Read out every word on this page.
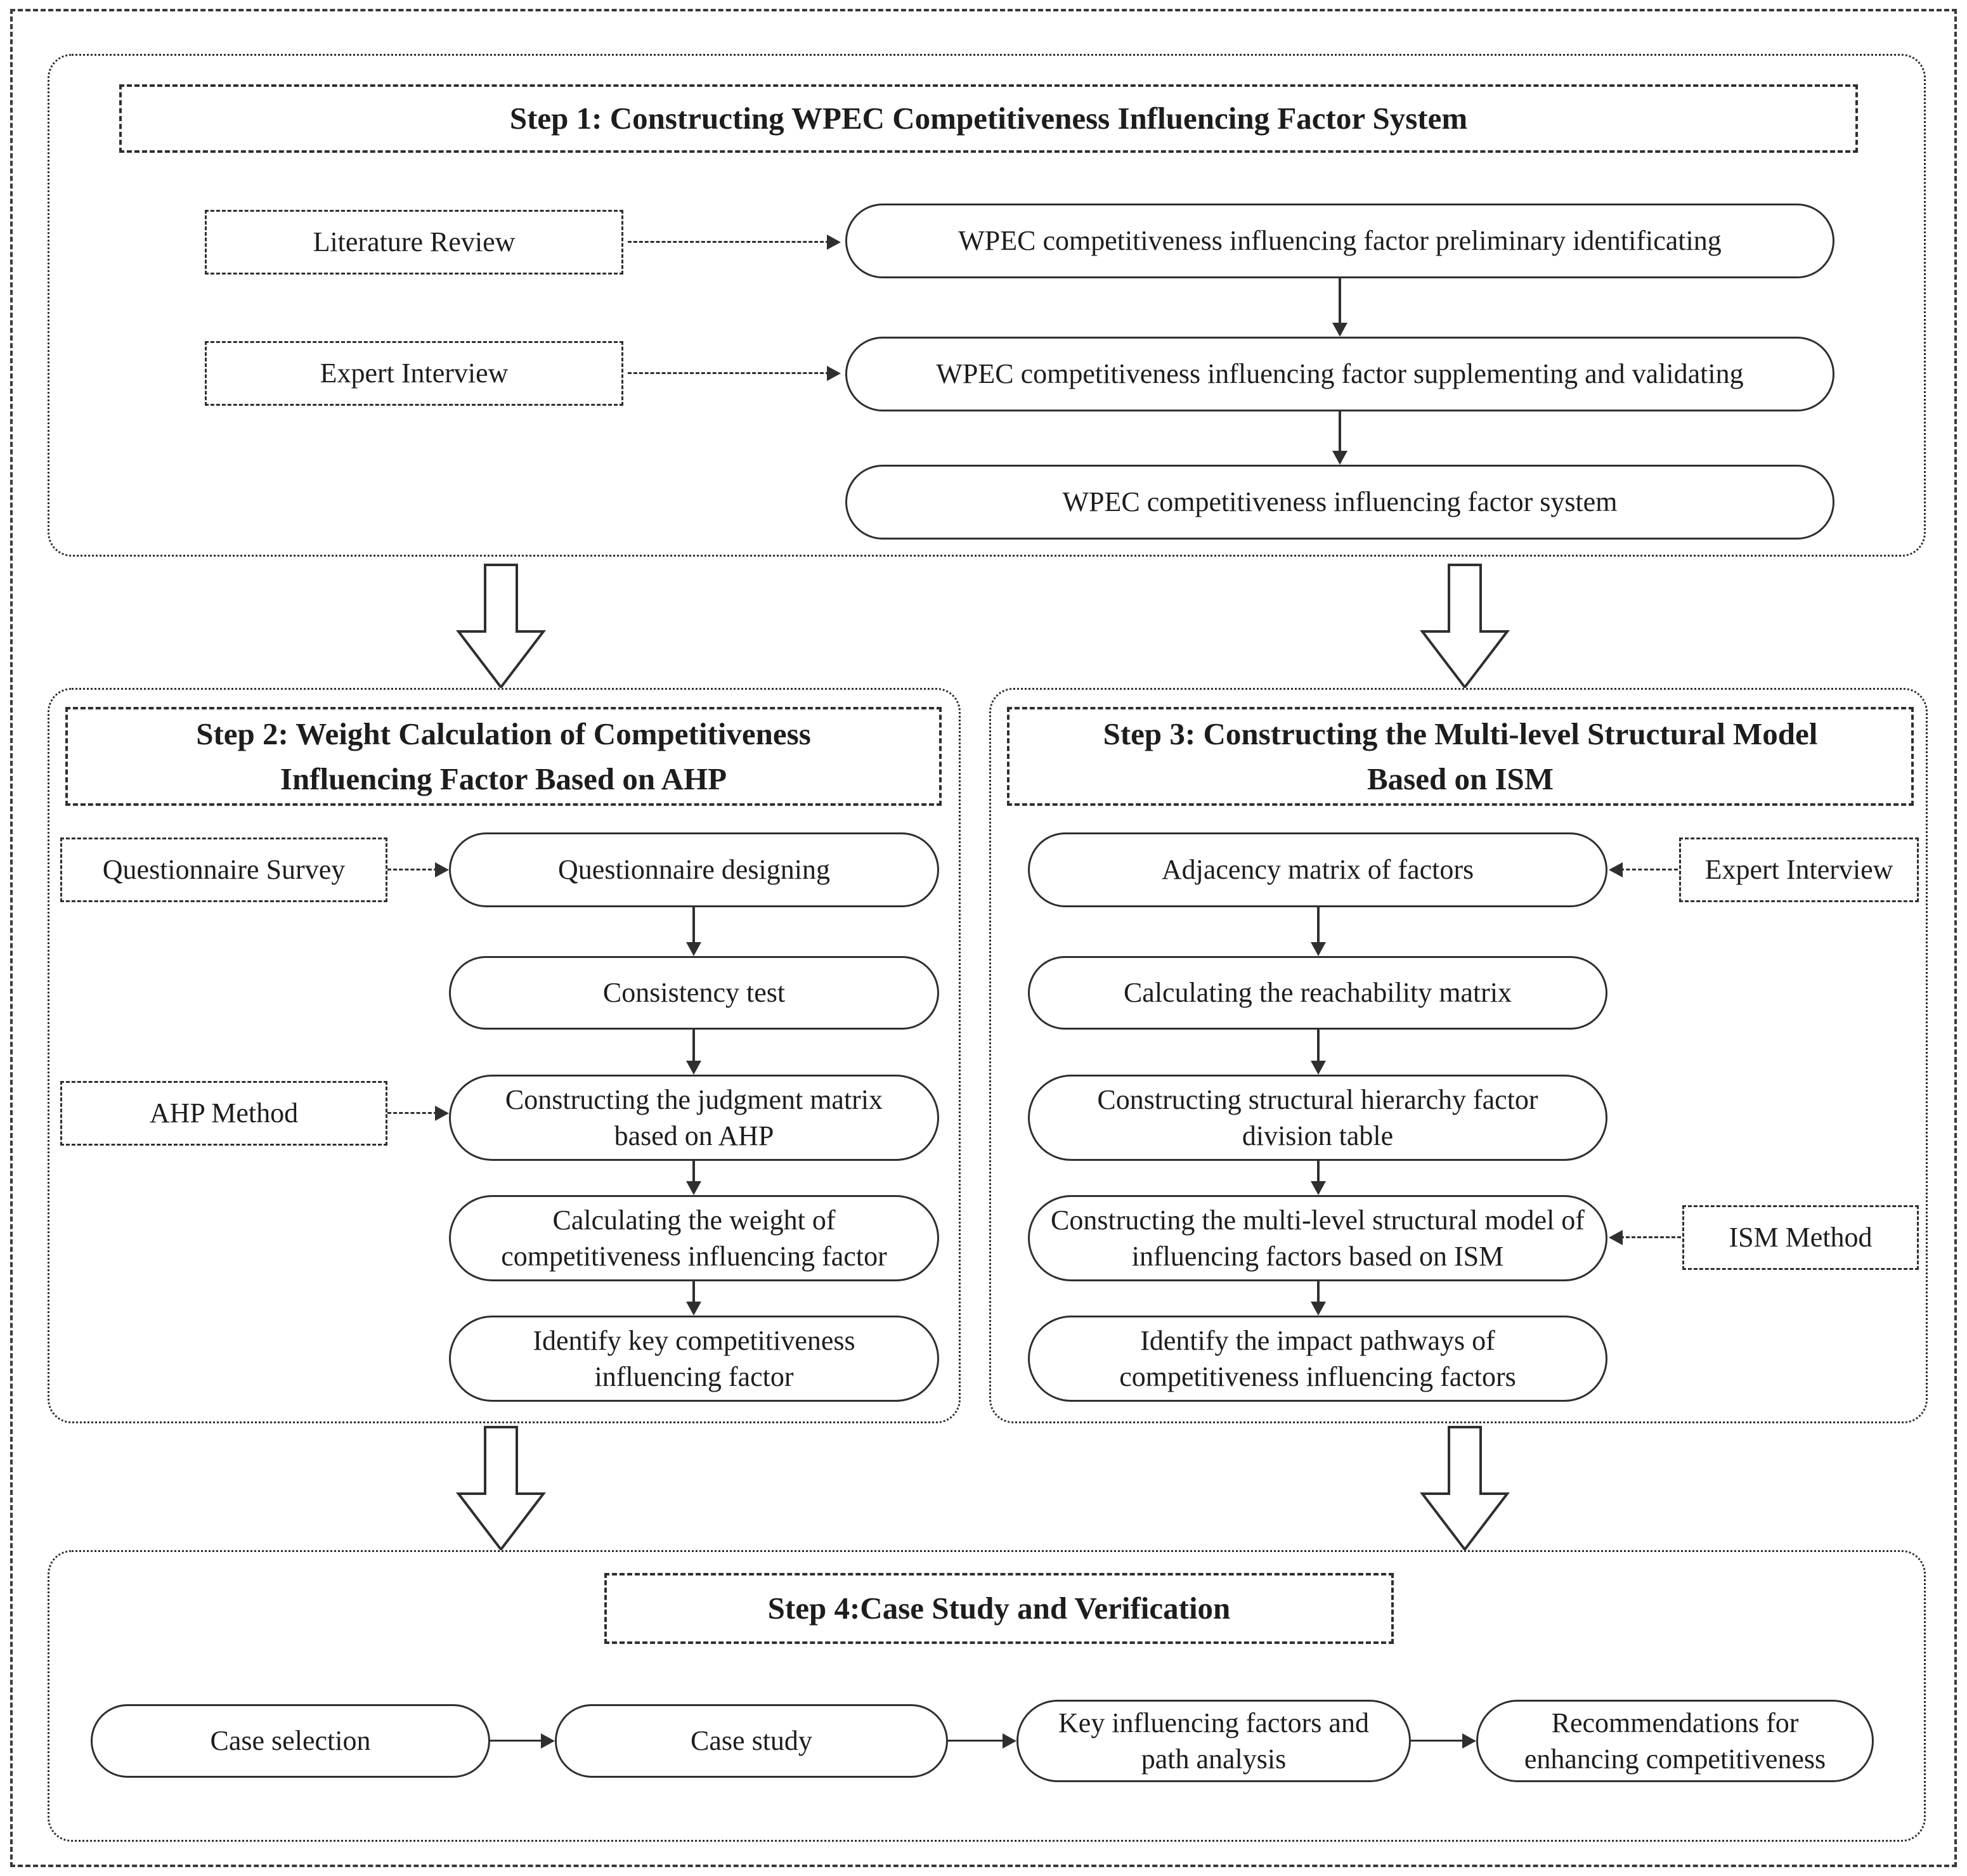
Step 1: Constructing WPEC Competitiveness Influencing Factor System
Literature Review	WPEC competitiveness influencing factor preliminary identificating
Expert Interview	WPEC competitiveness influencing factor supplementing and validating
WPEC competitiveness influencing factor system
Step 2: Weight Calculation of Competitiveness
Influencing Factor Based on AHP
Questionnaire Survey	Questionnaire designing
Consistency test
AHP Method	Constructing the judgment matrix based on AHP
Calculating the weight of competitiveness influencing factor
Identify key competitiveness influencing factor
Step 3: Constructing the Multi-level Structural Model
Based on ISM
Adjacency matrix of factors	Expert Interview
Calculating the reachability matrix
Constructing structural hierarchy factor division table
Constructing the multi-level structural model of influencing factors based on ISM
ISM Method
Identify the impact pathways of competitiveness influencing factors
Step 4:Case Study and Verification
Case selection	Case study
Key influencing factors and path analysis
Recommendations for enhancing competitiveness
